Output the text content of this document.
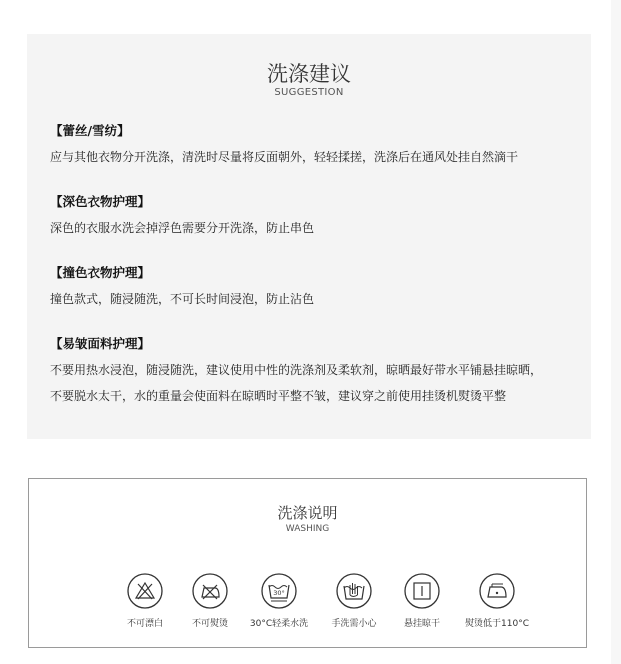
洗涤建议
SUGGESTION
【蕾丝/雪纺】
应与其他衣物分开洗涤，清洗时尽量将反面朝外，轻轻揉搓，洗涤后在通风处挂自然滴干
【深色衣物护理】
深色的衣服水洗会掉浮色需要分开洗涤，防止串色
【撞色衣物护理】
撞色款式，随浸随洗，不可长时间浸泡，防止沾色
【易皱面料护理】
不要用热水浸泡，随浸随洗，建议使用中性的洗涤剂及柔软剂，晾晒最好带水平铺悬挂晾晒，
不要脱水太干，水的重量会使面料在晾晒时平整不皱，建议穿之前使用挂烫机熨烫平整
洗涤说明
WASHING
不可漂白	不可熨烫
30°
30°C轻柔水洗	手洗需小心	悬挂晾干	熨烫低于110°C
